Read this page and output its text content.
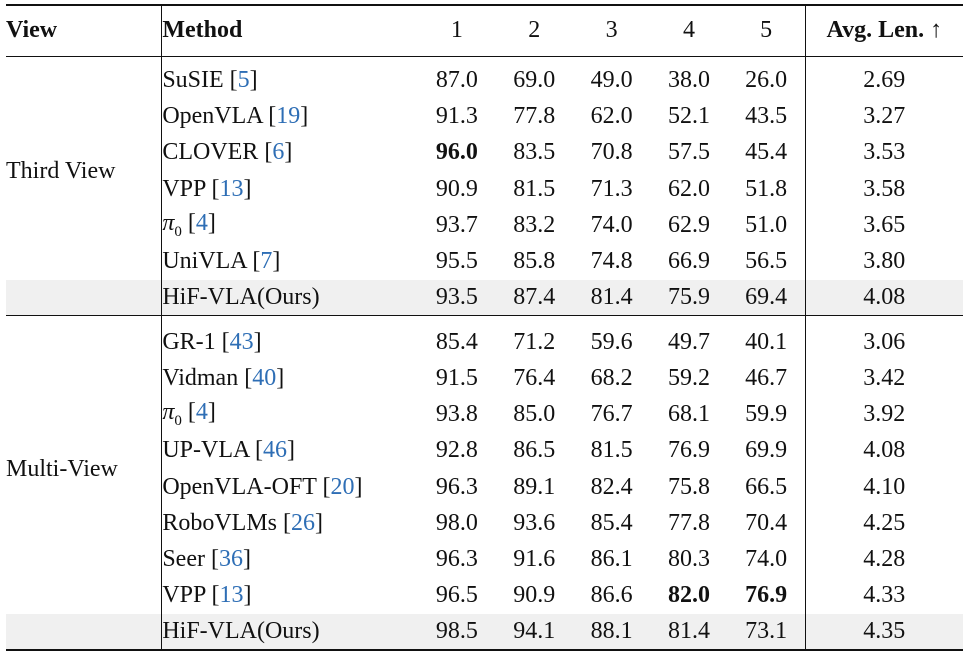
View	Method	1	2	3	4	5	Avg. Len. ↑

Third View	SuSIE [5]	87.0	69.0	49.0	38.0	26.0	2.69
	OpenVLA [19]	91.3	77.8	62.0	52.1	43.5	3.27
	CLOVER [6]	96.0	83.5	70.8	57.5	45.4	3.53
	VPP [13]	90.9	81.5	71.3	62.0	51.8	3.58
	$\pi_0$ [4]	93.7	83.2	74.0	62.9	51.0	3.65
	UniVLA [7]	95.5	85.8	74.8	66.9	56.5	3.80
	HiF-VLA(Ours)	93.5	87.4	81.4	75.9	69.4	4.08

Multi-View	GR-1 [43]	85.4	71.2	59.6	49.7	40.1	3.06
	Vidman [40]	91.5	76.4	68.2	59.2	46.7	3.42
	$\pi_0$ [4]	93.8	85.0	76.7	68.1	59.9	3.92
	UP-VLA [46]	92.8	86.5	81.5	76.9	69.9	4.08
	OpenVLA-OFT [20]	96.3	89.1	82.4	75.8	66.5	4.10
	RoboVLMs [26]	98.0	93.6	85.4	77.8	70.4	4.25
	Seer [36]	96.3	91.6	86.1	80.3	74.0	4.28
	VPP [13]	96.5	90.9	86.6	82.0	76.9	4.33
	HiF-VLA(Ours)	98.5	94.1	88.1	81.4	73.1	4.35
